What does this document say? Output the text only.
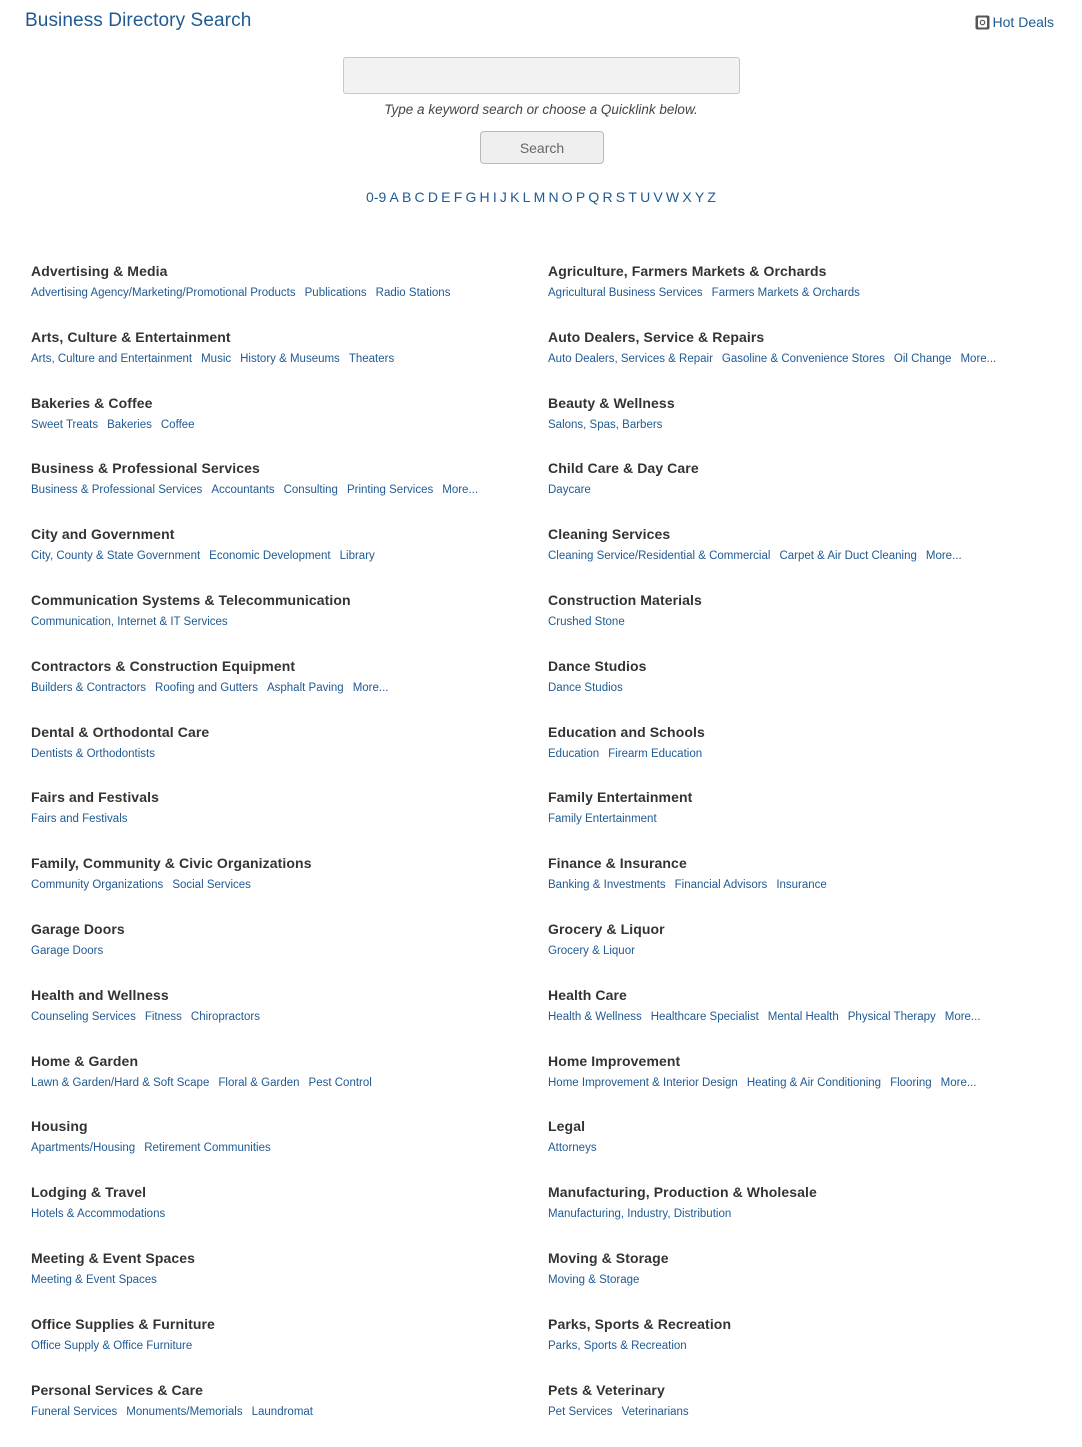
Business Directory Search	Hot Deals
Type a keyword search or choose a Quicklink below.
Search
0-9 A B C D E F G H I J K L M N O P Q R S T U V W X Y Z
Advertising & Media
Advertising Agency/Marketing/Promotional Products Publications Radio Stations
Agriculture, Farmers Markets & Orchards
Agricultural Business Services Farmers Markets & Orchards
Arts, Culture & Entertainment
Arts, Culture and Entertainment Music History & Museums Theaters
Auto Dealers, Service & Repairs
Auto Dealers, Services & Repair Gasoline & Convenience Stores Oil Change More...
Bakeries & Coffee
Sweet Treats Bakeries Coffee
Beauty & Wellness
Salons, Spas, Barbers
Business & Professional Services
Business & Professional Services Accountants Consulting Printing Services More...
Child Care & Day Care
Daycare
City and Government
City, County & State Government Economic Development Library
Cleaning Services
Cleaning Service/Residential & Commercial Carpet & Air Duct Cleaning More...
Communication Systems & Telecommunication
Communication, Internet & IT Services
Construction Materials
Crushed Stone
Contractors & Construction Equipment
Builders & Contractors Roofing and Gutters Asphalt Paving More...
Dance Studios
Dance Studios
Dental & Orthodontal Care
Dentists & Orthodontists
Education and Schools
Education Firearm Education
Fairs and Festivals
Fairs and Festivals
Family Entertainment
Family Entertainment
Family, Community & Civic Organizations
Community Organizations Social Services
Finance & Insurance
Banking & Investments Financial Advisors Insurance
Garage Doors
Garage Doors
Grocery & Liquor
Grocery & Liquor
Health and Wellness
Counseling Services Fitness Chiropractors
Health Care
Health & Wellness Healthcare Specialist Mental Health Physical Therapy More...
Home & Garden
Lawn & Garden/Hard & Soft Scape Floral & Garden Pest Control
Home Improvement
Home Improvement & Interior Design Heating & Air Conditioning Flooring More...
Housing
Apartments/Housing Retirement Communities
Legal
Attorneys
Lodging & Travel
Hotels & Accommodations
Manufacturing, Production & Wholesale
Manufacturing, Industry, Distribution
Meeting & Event Spaces
Meeting & Event Spaces
Moving & Storage
Moving & Storage
Office Supplies & Furniture
Office Supply & Office Furniture
Parks, Sports & Recreation
Parks, Sports & Recreation
Personal Services & Care
Funeral Services Monuments/Memorials Laundromat
Pets & Veterinary
Pet Services Veterinarians
